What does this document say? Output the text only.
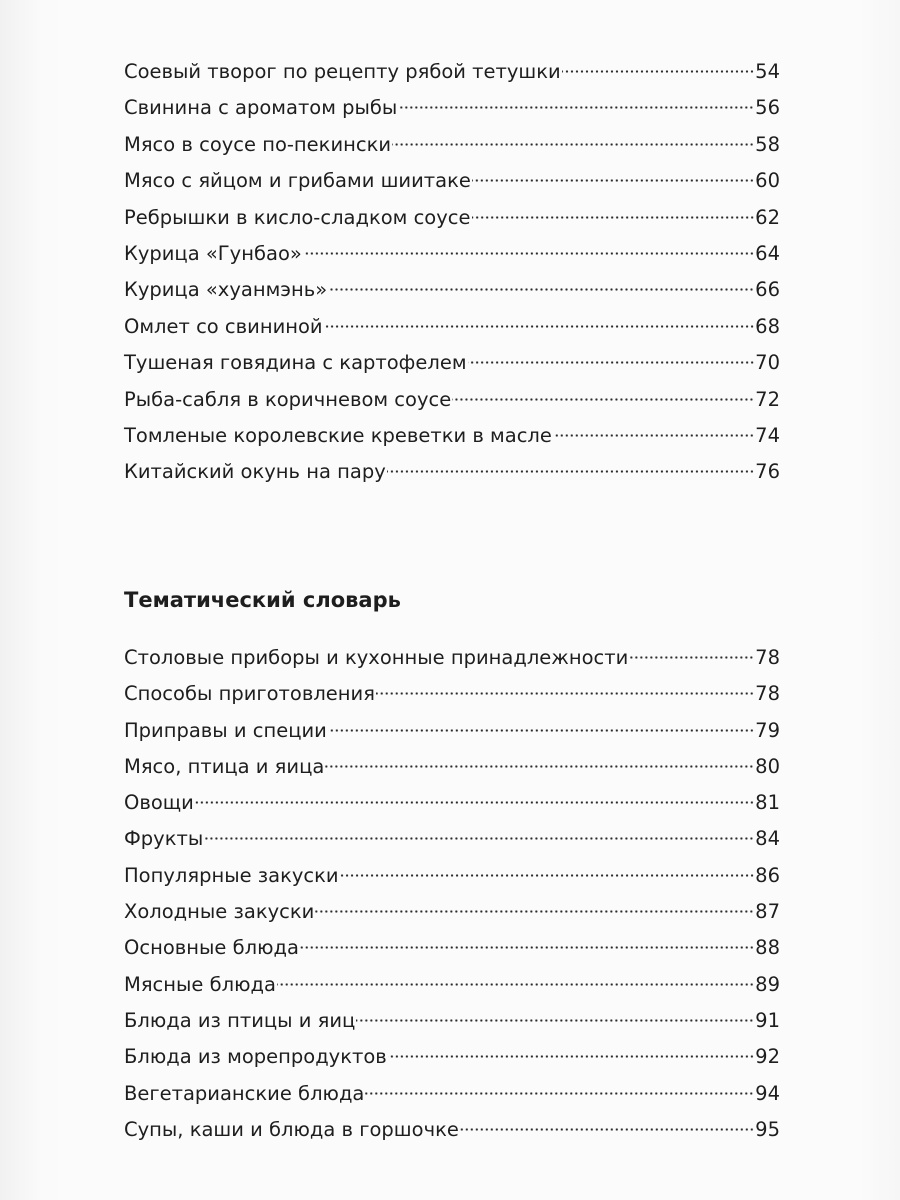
Соевый творог по рецепту рябой тетушки	54
Свинина с ароматом рыбы	56
Мясо в соусе по-пекински	58
Мясо с яйцом и грибами шиитаке	60
Ребрышки в кисло-сладком соусе	62
Курица «Гунбао»	64
Курица «хуанмэнь»	66
Омлет со свининой	68
Тушеная говядина с картофелем	70
Рыба-сабля в коричневом соусе	72
Томленые королевские креветки в масле	74
Китайский окунь на пару	76
Тематический словарь
Столовые приборы и кухонные принадлежности	78
Способы приготовления	78
Приправы и специи	79
Мясо, птица и яица	80
Овощи	81
Фрукты	84
Популярные закуски	86
Холодные закуски	87
Основные блюда	88
Мясные блюда	89
Блюда из птицы и яиц	91
Блюда из морепродуктов	92
Вегетарианские блюда	94
Супы, каши и блюда в горшочке	95
